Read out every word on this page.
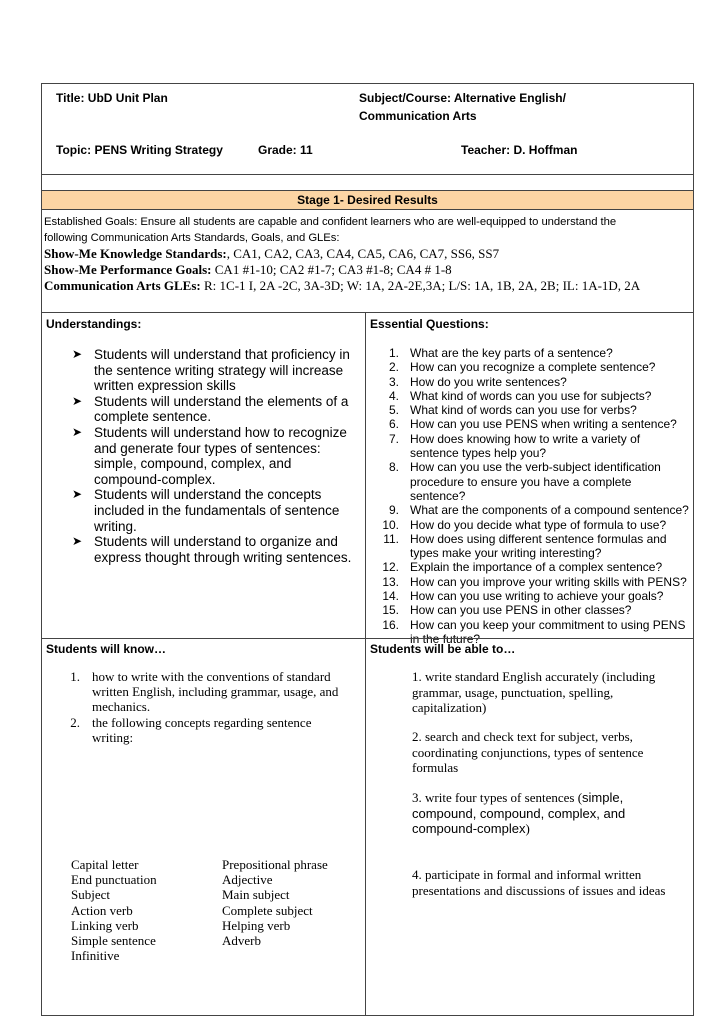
Title: UbD Unit Plan	Subject/Course: Alternative English/
Communication Arts
Topic: PENS Writing Strategy	Grade: 11	Teacher: D. Hoffman
Stage 1- Desired Results
Established Goals: Ensure all students are capable and confident learners who are well-equipped to understand the
following Communication Arts Standards, Goals, and GLEs:
Show-Me Knowledge Standards:, CA1, CA2, CA3, CA4, CA5, CA6, CA7, SS6, SS7
Show-Me Performance Goals: CA1 #1-10; CA2 #1-7; CA3 #1-8; CA4 # 1-8
Communication Arts GLEs: R: 1C-1 I, 2A -2C, 3A-3D; W: 1A, 2A-2E,3A; L/S: 1A, 1B, 2A, 2B; IL: 1A-1D, 2A
Understandings:
➤ Students will understand that proficiency in the sentence writing strategy will increase written expression skills
➤ Students will understand the elements of a complete sentence.
➤ Students will understand how to recognize and generate four types of sentences: simple, compound, complex, and compound-complex.
➤ Students will understand the concepts included in the fundamentals of sentence writing.
➤ Students will understand to organize and express thought through writing sentences.
Essential Questions:
1. What are the key parts of a sentence?
2. How can you recognize a complete sentence?
3. How do you write sentences?
4. What kind of words can you use for subjects?
5. What kind of words can you use for verbs?
6. How can you use PENS when writing a sentence?
7. How does knowing how to write a variety of sentence types help you?
8. How can you use the verb-subject identification procedure to ensure you have a complete sentence?
9. What are the components of a compound sentence?
10. How do you decide what type of formula to use?
11. How does using different sentence formulas and types make your writing interesting?
12. Explain the importance of a complex sentence?
13. How can you improve your writing skills with PENS?
14. How can you use writing to achieve your goals?
15. How can you use PENS in other classes?
16. How can you keep your commitment to using PENS in the future?
Students will know…
1. how to write with the conventions of standard written English, including grammar, usage, and mechanics.
2. the following concepts regarding sentence writing:
Capital letter	Prepositional phrase
End punctuation	Adjective
Subject	Main subject
Action verb	Complete subject
Linking verb	Helping verb
Simple sentence	Adverb
Infinitive
Students will be able to…
1. write standard English accurately (including grammar, usage, punctuation, spelling, capitalization)
2. search and check text for subject, verbs, coordinating conjunctions, types of sentence formulas
3. write four types of sentences (simple, compound, compound, complex, and compound-complex)
4. participate in formal and informal written presentations and discussions of issues and ideas
